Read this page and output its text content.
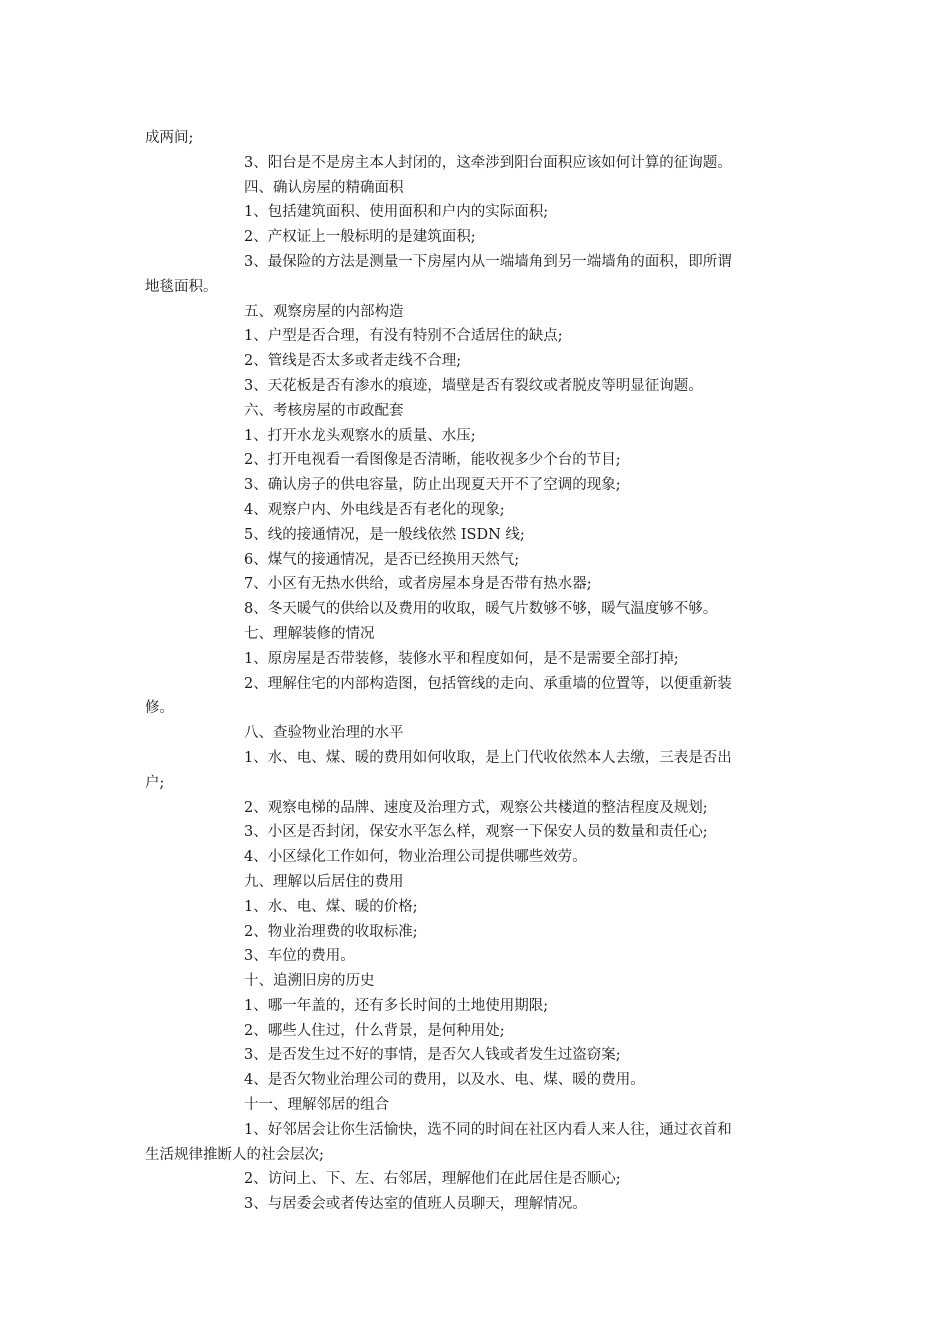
成两间;
3、阳台是不是房主本人封闭的，这牵涉到阳台面积应该如何计算的征询题。
四、确认房屋的精确面积
1、包括建筑面积、使用面积和户内的实际面积;
2、产权证上一般标明的是建筑面积;
3、最保险的方法是测量一下房屋内从一端墙角到另一端墙角的面积，即所谓
地毯面积。
五、观察房屋的内部构造
1、户型是否合理，有没有特别不合适居住的缺点;
2、管线是否太多或者走线不合理;
3、天花板是否有渗水的痕迹，墙壁是否有裂纹或者脱皮等明显征询题。
六、考核房屋的市政配套
1、打开水龙头观察水的质量、水压;
2、打开电视看一看图像是否清晰，能收视多少个台的节目;
3、确认房子的供电容量，防止出现夏天开不了空调的现象;
4、观察户内、外电线是否有老化的现象;
5、线的接通情况，是一般线依然 ISDN 线;
6、煤气的接通情况，是否已经换用天然气;
7、小区有无热水供给，或者房屋本身是否带有热水器;
8、冬天暖气的供给以及费用的收取，暖气片数够不够，暖气温度够不够。
七、理解装修的情况
1、原房屋是否带装修，装修水平和程度如何，是不是需要全部打掉;
2、理解住宅的内部构造图，包括管线的走向、承重墙的位置等，以便重新装
修。
八、查验物业治理的水平
1、水、电、煤、暖的费用如何收取，是上门代收依然本人去缴，三表是否出
户;
2、观察电梯的品牌、速度及治理方式，观察公共楼道的整洁程度及规划;
3、小区是否封闭，保安水平怎么样，观察一下保安人员的数量和责任心;
4、小区绿化工作如何，物业治理公司提供哪些效劳。
九、理解以后居住的费用
1、水、电、煤、暖的价格;
2、物业治理费的收取标准;
3、车位的费用。
十、追溯旧房的历史
1、哪一年盖的，还有多长时间的土地使用期限;
2、哪些人住过，什么背景，是何种用处;
3、是否发生过不好的事情，是否欠人钱或者发生过盗窃案;
4、是否欠物业治理公司的费用，以及水、电、煤、暖的费用。
十一、理解邻居的组合
1、好邻居会让你生活愉快，选不同的时间在社区内看人来人往，通过衣首和
生活规律推断人的社会层次;
2、访问上、下、左、右邻居，理解他们在此居住是否顺心;
3、与居委会或者传达室的值班人员聊天，理解情况。
